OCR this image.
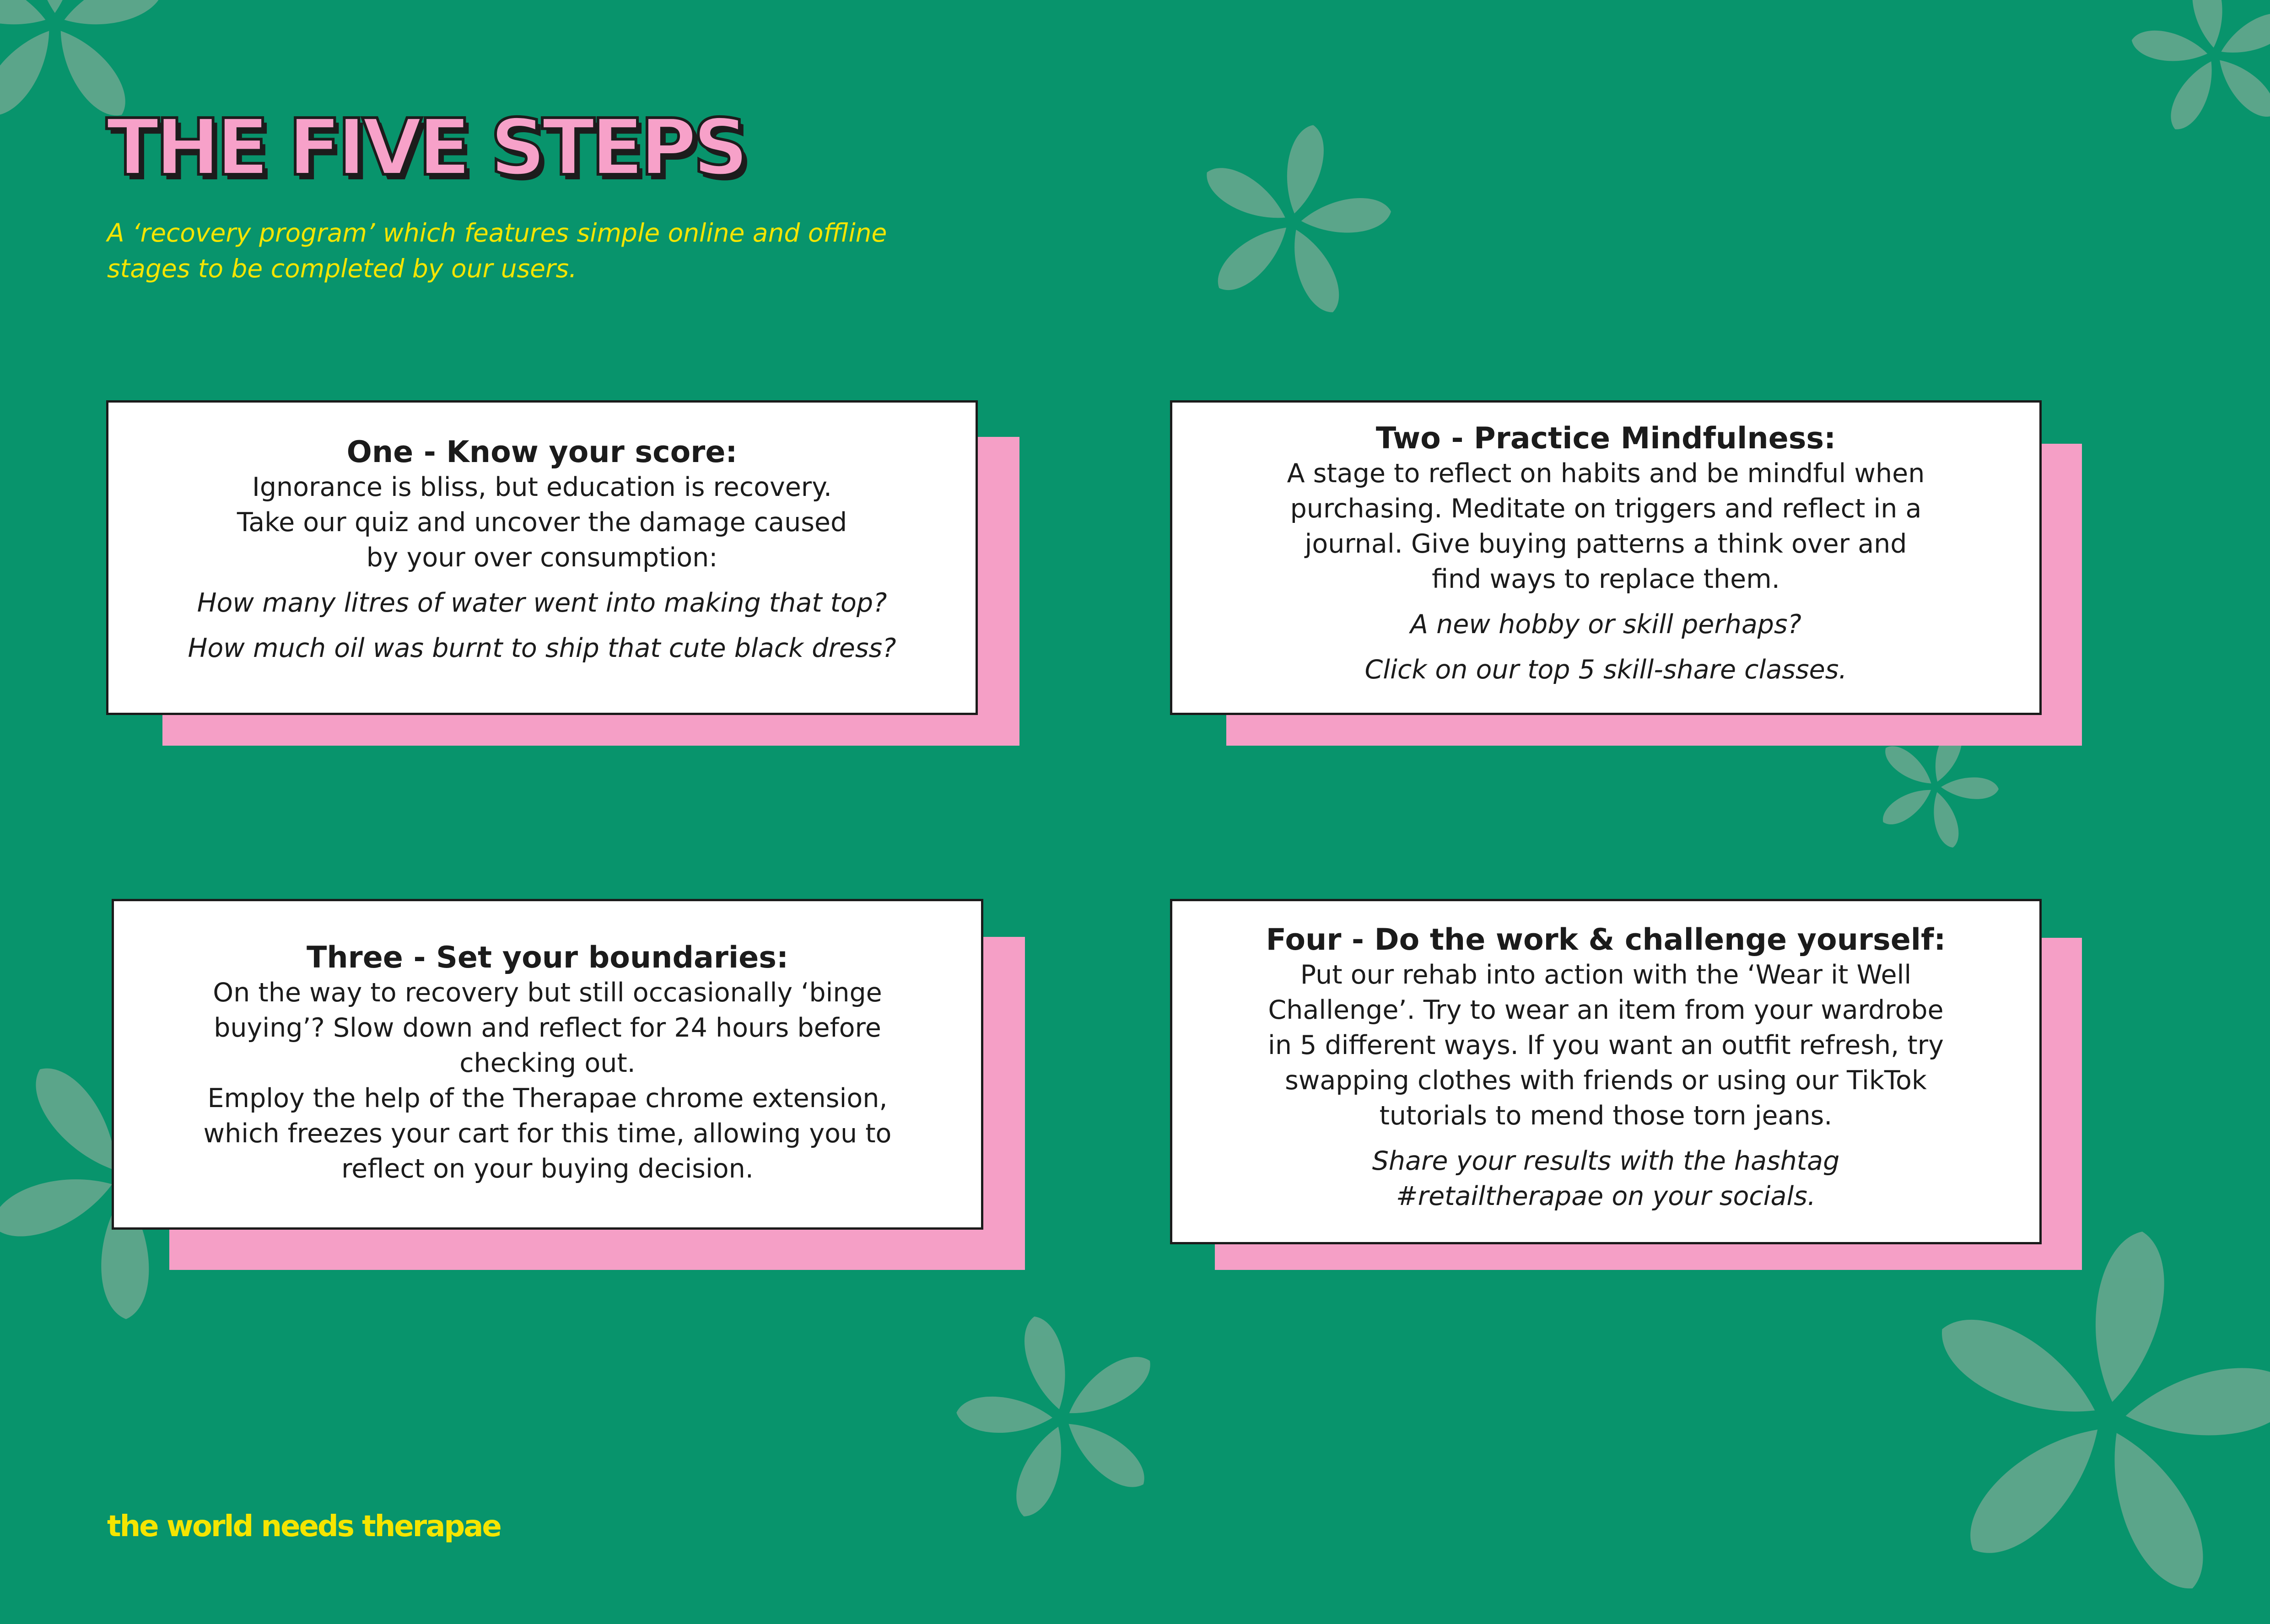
THE FIVE STEPS
A ‘recovery program’ which features simple online and offline
stages to be completed by our users.
One - Know your score:

Ignorance is bliss, but education is recovery.

Take our quiz and uncover the damage caused

by your over consumption:

How many litres of water went into making that top?

How much oil was burnt to ship that cute black dress?

Two - Practice Mindfulness:

A stage to reflect on habits and be mindful when

purchasing. Meditate on triggers and reflect in a

journal. Give buying patterns a think over and

find ways to replace them.

A new hobby or skill perhaps?

Click on our top 5 skill-share classes.

Three - Set your boundaries:

On the way to recovery but still occasionally ‘binge

buying’? Slow down and reflect for 24 hours before

checking out.

Employ the help of the Therapae chrome extension,

which freezes your cart for this time, allowing you to

reflect on your buying decision.

Four - Do the work & challenge yourself:

Put our rehab into action with the ‘Wear it Well

Challenge’. Try to wear an item from your wardrobe

in 5 different ways. If you want an outfit refresh, try

swapping clothes with friends or using our TikTok

tutorials to mend those torn jeans.

Share your results with the hashtag

#retailtherapae on your socials.

the world needs therapae
